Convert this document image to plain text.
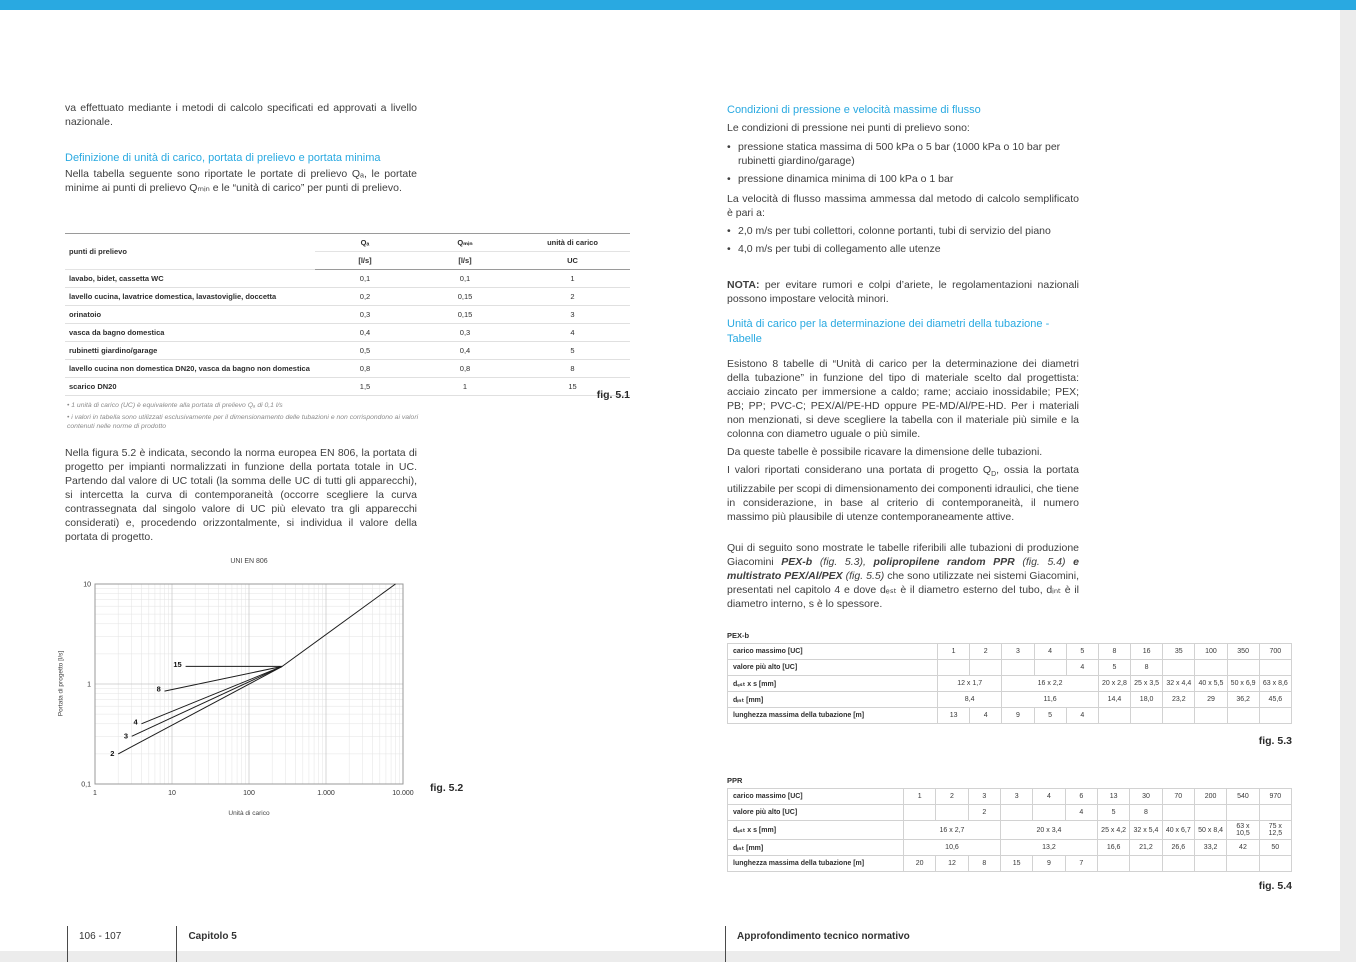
va effettuato mediante i metodi di calcolo specificati ed approvati a livello nazionale.

Definizione di unità di carico, portata di prelievo e portata minima

Nella tabella seguente sono riportate le portate di prelievo Qₐ, le portate minime ai punti di prelievo Qₘᵢₙ e le “unità di carico” per punti di prelievo.

punti di prelievo	Qₐ	Qₘᵢₙ	unità di carico
	[l/s]	[l/s]	UC
lavabo, bidet, cassetta WC	0,1	0,1	1
lavello cucina, lavatrice domestica, lavastoviglie, doccetta	0,2	0,15	2
orinatoio	0,3	0,15	3
vasca da bagno domestica	0,4	0,3	4
rubinetti giardino/garage	0,5	0,4	5
lavello cucina non domestica DN20, vasca da bagno non domestica	0,8	0,8	8
scarico DN20	1,5	1	15
fig. 5.1
• 1 unità di carico (UC) è equivalente alla portata di prelievo Qₐ di 0,1 l/s
• i valori in tabella sono utilizzati esclusivamente per il dimensionamento delle tubazioni e non corrispondono ai valori contenuti nelle norme di prodotto

Nella figura 5.2 è indicata, secondo la norma europea EN 806, la portata di progetto per impianti normalizzati in funzione della portata totale in UC. Partendo dal valore di UC totali (la somma delle UC di tutti gli apparecchi), si intercetta la curva di contemporaneità (occorre scegliere la curva contrassegnata dal singolo valore di UC più elevato tra gli apparecchi considerati) e, procedendo orizzontalmente, si individua il valore della portata di progetto.

UNI EN 806
Portata di progetto [l/s]
1	10	100	1.000	10.000
10
1
0,1
2
3
4
8
15
Unità di carico
fig. 5.2
106 - 107	Capitolo 5
Condizioni di pressione e velocità massime di flusso

Le condizioni di pressione nei punti di prelievo sono:

• pressione statica massima di 500 kPa o 5 bar (1000 kPa o 10 bar per rubinetti giardino/garage)
• pressione dinamica minima di 100 kPa o 1 bar

La velocità di flusso massima ammessa dal metodo di calcolo semplificato è pari a:

• 2,0 m/s per tubi collettori, colonne portanti, tubi di servizio del piano
• 4,0 m/s per tubi di collegamento alle utenze

NOTA: per evitare rumori e colpi d’ariete, le regolamentazioni nazionali possono impostare velocità minori.

Unità di carico per la determinazione dei diametri della tubazione - Tabelle

Esistono 8 tabelle di “Unità di carico per la determinazione dei diametri della tubazione” in funzione del tipo di materiale scelto dal progettista: acciaio zincato per immersione a caldo; rame; acciaio inossidabile; PEX; PB; PP; PVC-C; PEX/Al/PE-HD oppure PE-MD/Al/PE-HD. Per i materiali non menzionati, si deve scegliere la tabella con il materiale più simile e la colonna con diametro uguale o più simile.

Da queste tabelle è possibile ricavare la dimensione delle tubazioni.

I valori riportati considerano una portata di progetto $Q_D$, ossia la portata utilizzabile per scopi di dimensionamento dei componenti idraulici, che tiene in considerazione, in base al criterio di contemporaneità, il numero massimo più plausibile di utenze contemporaneamente attive.

Qui di seguito sono mostrate le tabelle riferibili alle tubazioni di produzione Giacomini PEX-b (fig. 5.3), polipropilene random PPR (fig. 5.4) e multistrato PEX/Al/PEX (fig. 5.5) che sono utilizzate nei sistemi Giacomini, presentati nel capitolo 4 e dove dₑₛₜ è il diametro esterno del tubo, dᵢₙₜ è il diametro interno, s è lo spessore.

PEX-b
carico massimo [UC]	1	2	3	4	5	8	16	35	100	350	700
valore più alto [UC]					4	5	8				
dₑₛₜ x s [mm]	12 x 1,7		16 x 2,2			20 x 2,8	25 x 3,5	32 x 4,4	40 x 5,5	50 x 6,9	63 x 8,6
dᵢₙₜ [mm]	8,4		11,6			14,4	18,0	23,2	29	36,2	45,6
lunghezza massima della tubazione [m]	13	4	9	5	4						
fig. 5.3
PPR
carico massimo [UC]	1	2	3	3	4	6	13	30	70	200	540	970
valore più alto [UC]			2			4	5	8				
dₑₛₜ x s [mm]	16 x 2,7			20 x 3,4			25 x 4,2	32 x 5,4	40 x 6,7	50 x 8,4	63 x 10,5	75 x 12,5
dᵢₙₜ [mm]	10,6			13,2			16,6	21,2	26,6	33,2	42	50
lunghezza massima della tubazione [m]	20	12	8	15	9	7						
fig. 5.4
Approfondimento tecnico normativo
